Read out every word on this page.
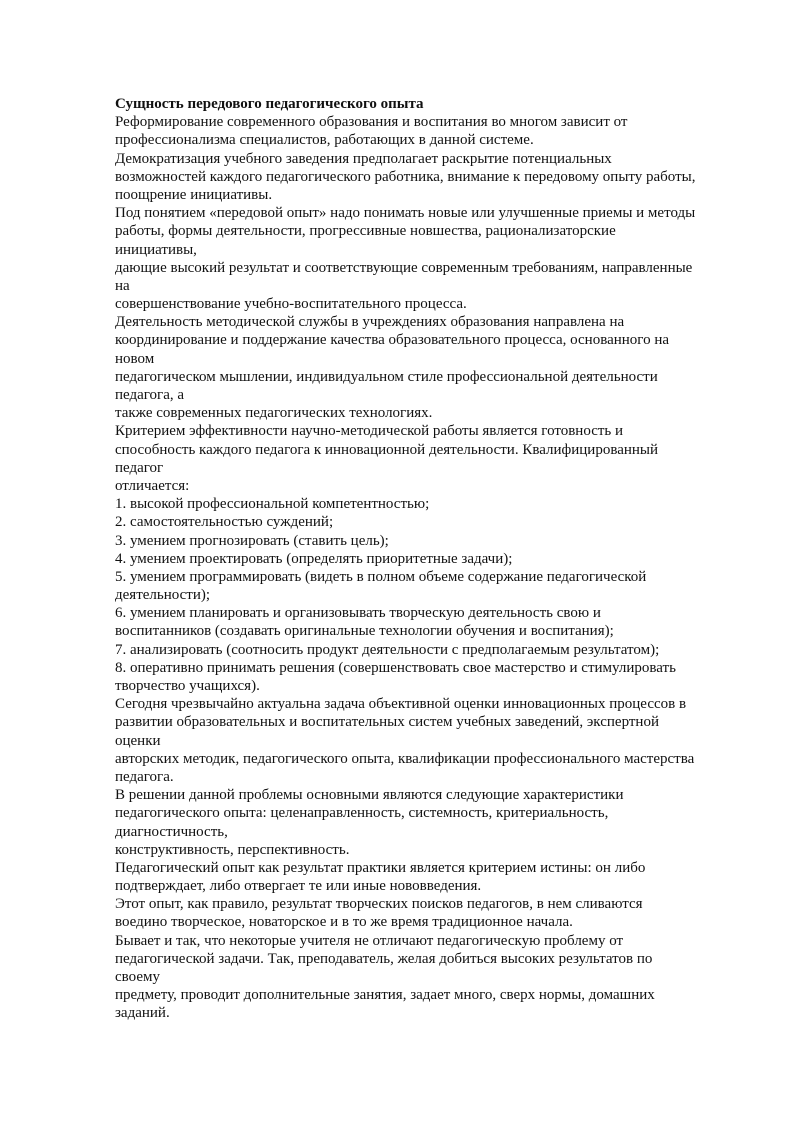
Сущность передового педагогического опыта
Реформирование современного образования и воспитания во многом зависит от
профессионализма специалистов, работающих в данной системе.
Демократизация учебного заведения предполагает раскрытие потенциальных
возможностей каждого педагогического работника, внимание к передовому опыту работы,
поощрение инициативы.
Под понятием «передовой опыт» надо понимать новые или улучшенные приемы и методы
работы, формы деятельности, прогрессивные новшества, рационализаторские
инициативы,
дающие высокий результат и соответствующие современным требованиям, направленные
на
совершенствование учебно-воспитательного процесса.
Деятельность методической службы в учреждениях образования направлена на
координирование и поддержание качества образовательного процесса, основанного на
новом
педагогическом мышлении, индивидуальном стиле профессиональной деятельности
педагога, а
также современных педагогических технологиях.
Критерием эффективности научно-методической работы является готовность и
способность каждого педагога к инновационной деятельности. Квалифицированный
педагог
отличается:
1. высокой профессиональной компетентностью;
2. самостоятельностью суждений;
3. умением прогнозировать (ставить цель);
4. умением проектировать (определять приоритетные задачи);
5. умением программировать (видеть в полном объеме содержание педагогической
деятельности);
6. умением планировать и организовывать творческую деятельность свою и
воспитанников (создавать оригинальные технологии обучения и воспитания);
7. анализировать (соотносить продукт деятельности с предполагаемым результатом);
8. оперативно принимать решения (совершенствовать свое мастерство и стимулировать
творчество учащихся).
Сегодня чрезвычайно актуальна задача объективной оценки инновационных процессов в
развитии образовательных и воспитательных систем учебных заведений, экспертной
оценки
авторских методик, педагогического опыта, квалификации профессионального мастерства
педагога.
В решении данной проблемы основными являются следующие характеристики
педагогического опыта: целенаправленность, системность, критериальность,
диагностичность,
конструктивность, перспективность.
Педагогический опыт как результат практики является критерием истины: он либо
подтверждает, либо отвергает те или иные нововведения.
Этот опыт, как правило, результат творческих поисков педагогов, в нем сливаются
воедино творческое, новаторское и в то же время традиционное начала.
Бывает и так, что некоторые учителя не отличают педагогическую проблему от
педагогической задачи. Так, преподаватель, желая добиться высоких результатов по
своему
предмету, проводит дополнительные занятия, задает много, сверх нормы, домашних
заданий.
